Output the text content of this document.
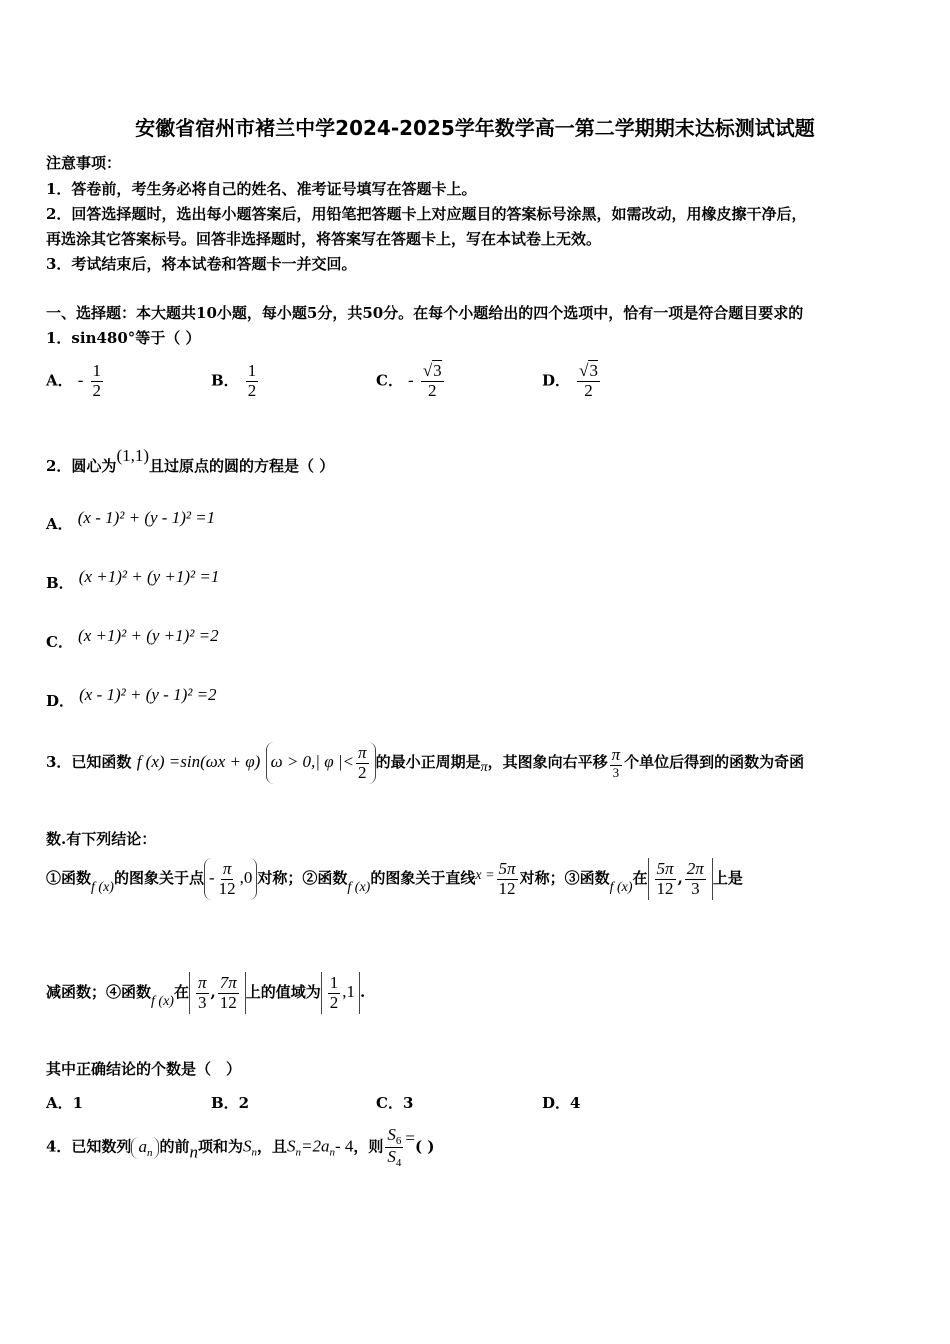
安徽省宿州市褚兰中学2024-2025学年数学高一第二学期期末达标测试试题
注意事项：
1．答卷前，考生务必将自己的姓名、准考证号填写在答题卡上。
2．回答选择题时，选出每小题答案后，用铅笔把答题卡上对应题目的答案标号涂黑，如需改动，用橡皮擦干净后，
再选涂其它答案标号。回答非选择题时，将答案写在答题卡上，写在本试卷上无效。
3．考试结束后，将本试卷和答题卡一并交回。
一、选择题：本大题共10小题，每小题5分，共50分。在每个小题给出的四个选项中，恰有一项是符合题目要求的
1．sin480°等于（ ）
A． - $\frac{1}{2}$	B． $\frac{1}{2}$	C． - $\frac{√3}{2}$	D． $\frac{√3}{2}$
2．圆心为(1,1)且过原点的圆的方程是（ ）
A． (x - 1)² + (y - 1)² =1
B． (x +1)² + (y +1)² =1
C． (x +1)² + (y +1)² =2
D． (x - 1)² + (y - 1)² =2
3．已知函数 f (x) =sin(ωx + φ) ω > 0,| φ |< $\frac{\pi}{2}$ 的最小正周期是π，其图象向右平移 $\frac{\pi}{3}$ 个单位后得到的函数为奇函
数.有下列结论：
①函数f (x)的图象关于点 - $\frac{\pi}{12} ,0$ 对称；②函数f (x)的图象关于直线$x = \frac{5\pi}{12}$ 对称；③函数f (x)在 $\frac{5\pi}{12}$ , $\frac{2\pi}{3}$ 上是
减函数；④函数f (x)在 $\frac{\pi}{3}$ , $\frac{7\pi}{12}$ 上的值域为 $\frac{1}{2} ,1$ .
其中正确结论的个数是（　）
A．1	B．2	C．3	D．4
4．已知数列 $a_n$ 的前n项和为$S_n$，且$S_n=2a_n-$ 4，则 $\frac{S_6}{S_4}$ =( )
